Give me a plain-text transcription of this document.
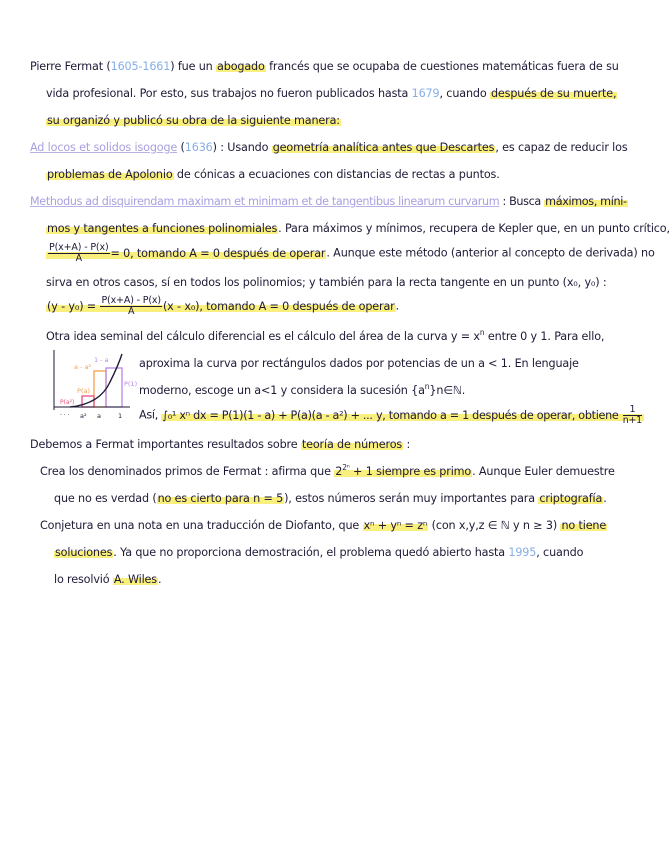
Pierre Fermat (1605-1661) fue un abogado francés que se ocupaba de cuestiones matemáticas fuera de su
vida profesional. Por esto, sus trabajos no fueron publicados hasta 1679, cuando después de su muerte,
su organizó y publicó su obra de la siguiente manera:
Ad locos et solidos isogoge (1636) : Usando geometría analítica antes que Descartes, es capaz de reducir los
problemas de Apolonio de cónicas a ecuaciones con distancias de rectas a puntos.
Methodus ad disquirendam maximam et minimam et de tangentibus linearum curvarum : Busca máximos, míni-
mos y tangentes a funciones polinomiales. Para máximos y mínimos, recupera de Kepler que, en un punto crítico,
$\frac{P(x+A) - P(x)}{A} = 0$, tomando A = 0 después de operar. Aunque este método (anterior al concepto de derivada) no
sirva en otros casos, sí en todos los polinomios; y también para la recta tangente en un punto (x₀, y₀) :
$(y - y_0) = \frac{P(x+A) - P(x)}{A} (x - x_0)$, tomando A = 0 después de operar.
Otra idea seminal del cálculo diferencial es el cálculo del área de la curva $y = x^n$ entre 0 y 1. Para ello,
1 - a
a - a²
P(1)
P(a)
P(a²)
· · · a² a	1
aproxima la curva por rectángulos dados por potencias de un a < 1. En lenguaje
moderno, escoge un a<1 y considera la sucesión $\{a^n\}n\in ℕ$.
Así, ∫₀¹ xⁿ dx = P(1)(1 - a) + P(a)(a - a²) + ... y, tomando a = 1 después de operar, obtiene $\frac{1}{n+1}$
Debemos a Fermat importantes resultados sobre teoría de números :
Crea los denominados primos de Fermat : afirma que $2^{2^n} + 1$ siempre es primo. Aunque Euler demuestre
que no es verdad (no es cierto para n = 5), estos números serán muy importantes para criptografía.
Conjetura en una nota en una traducción de Diofanto, que xⁿ + yⁿ = zⁿ (con x,y,z ∈ ℕ y n ≥ 3) no tiene
soluciones. Ya que no proporciona demostración, el problema quedó abierto hasta 1995, cuando
lo resolvió A. Wiles.
